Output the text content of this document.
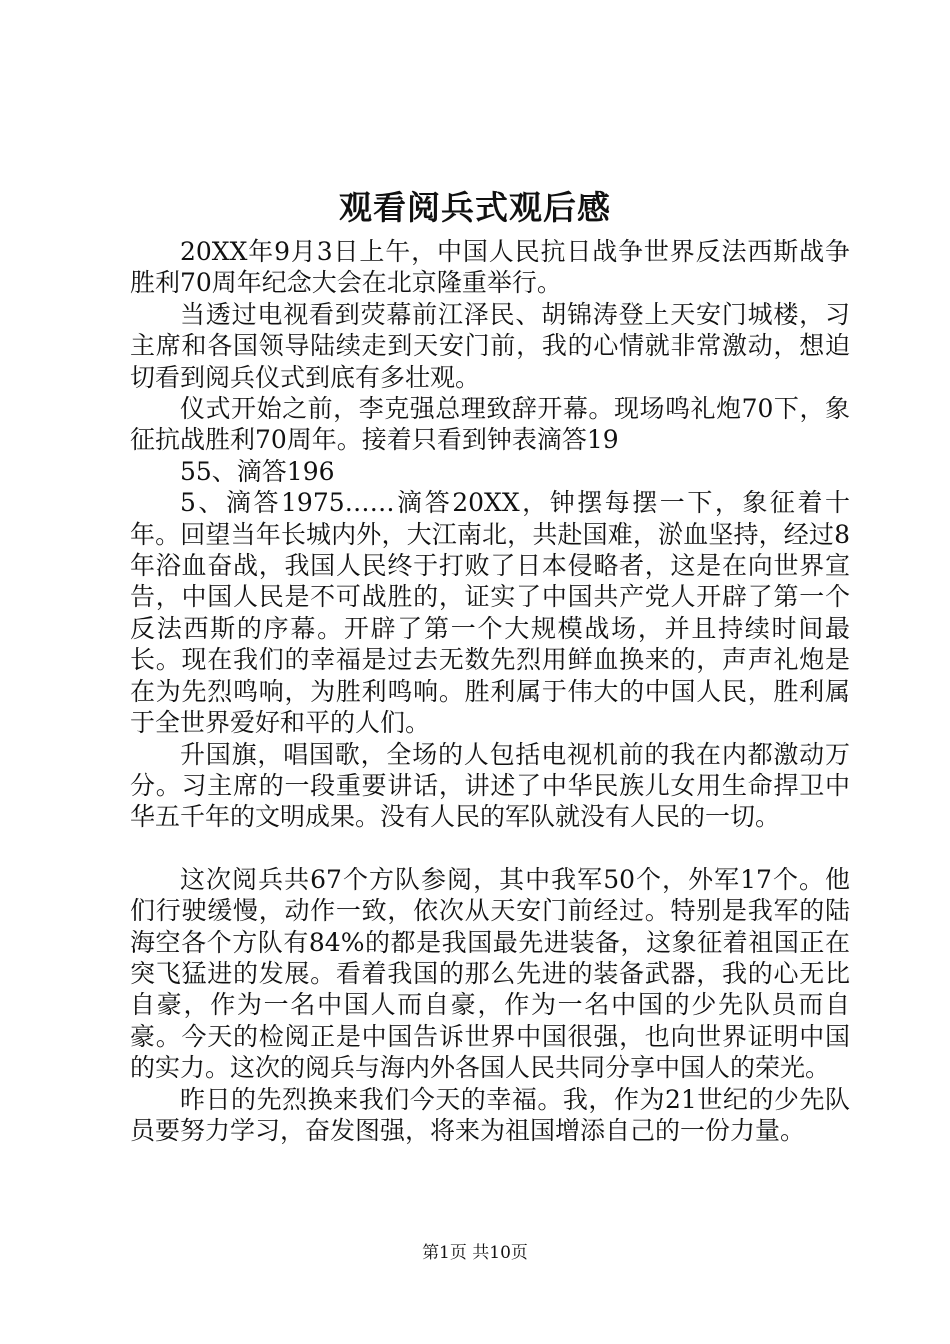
观看阅兵式观后感

20XX年9月3日上午，中国人民抗日战争世界反法西斯战争胜利70周年纪念大会在北京隆重举行。

当透过电视看到荧幕前江泽民、胡锦涛登上天安门城楼，习主席和各国领导陆续走到天安门前，我的心情就非常激动，想迫切看到阅兵仪式到底有多壮观。

仪式开始之前，李克强总理致辞开幕。现场鸣礼炮70下，象征抗战胜利70周年。接着只看到钟表滴答19

55、滴答196

5、滴答1975……滴答20XX，钟摆每摆一下，象征着十年。回望当年长城内外，大江南北，共赴国难，淤血坚持，经过8年浴血奋战，我国人民终于打败了日本侵略者，这是在向世界宣告，中国人民是不可战胜的，证实了中国共产党人开辟了第一个反法西斯的序幕。开辟了第一个大规模战场，并且持续时间最长。现在我们的幸福是过去无数先烈用鲜血换来的，声声礼炮是在为先烈鸣响，为胜利鸣响。胜利属于伟大的中国人民，胜利属于全世界爱好和平的人们。

升国旗，唱国歌，全场的人包括电视机前的我在内都激动万分。习主席的一段重要讲话，讲述了中华民族儿女用生命捍卫中华五千年的文明成果。没有人民的军队就没有人民的一切。

这次阅兵共67个方队参阅，其中我军50个，外军17个。他们行驶缓慢，动作一致，依次从天安门前经过。特别是我军的陆海空各个方队有84%的都是我国最先进装备，这象征着祖国正在突飞猛进的发展。看着我国的那么先进的装备武器，我的心无比自豪，作为一名中国人而自豪，作为一名中国的少先队员而自豪。今天的检阅正是中国告诉世界中国很强，也向世界证明中国的实力。这次的阅兵与海内外各国人民共同分享中国人的荣光。

昨日的先烈换来我们今天的幸福。我，作为21世纪的少先队员要努力学习，奋发图强，将来为祖国增添自己的一份力量。

第1页 共10页
